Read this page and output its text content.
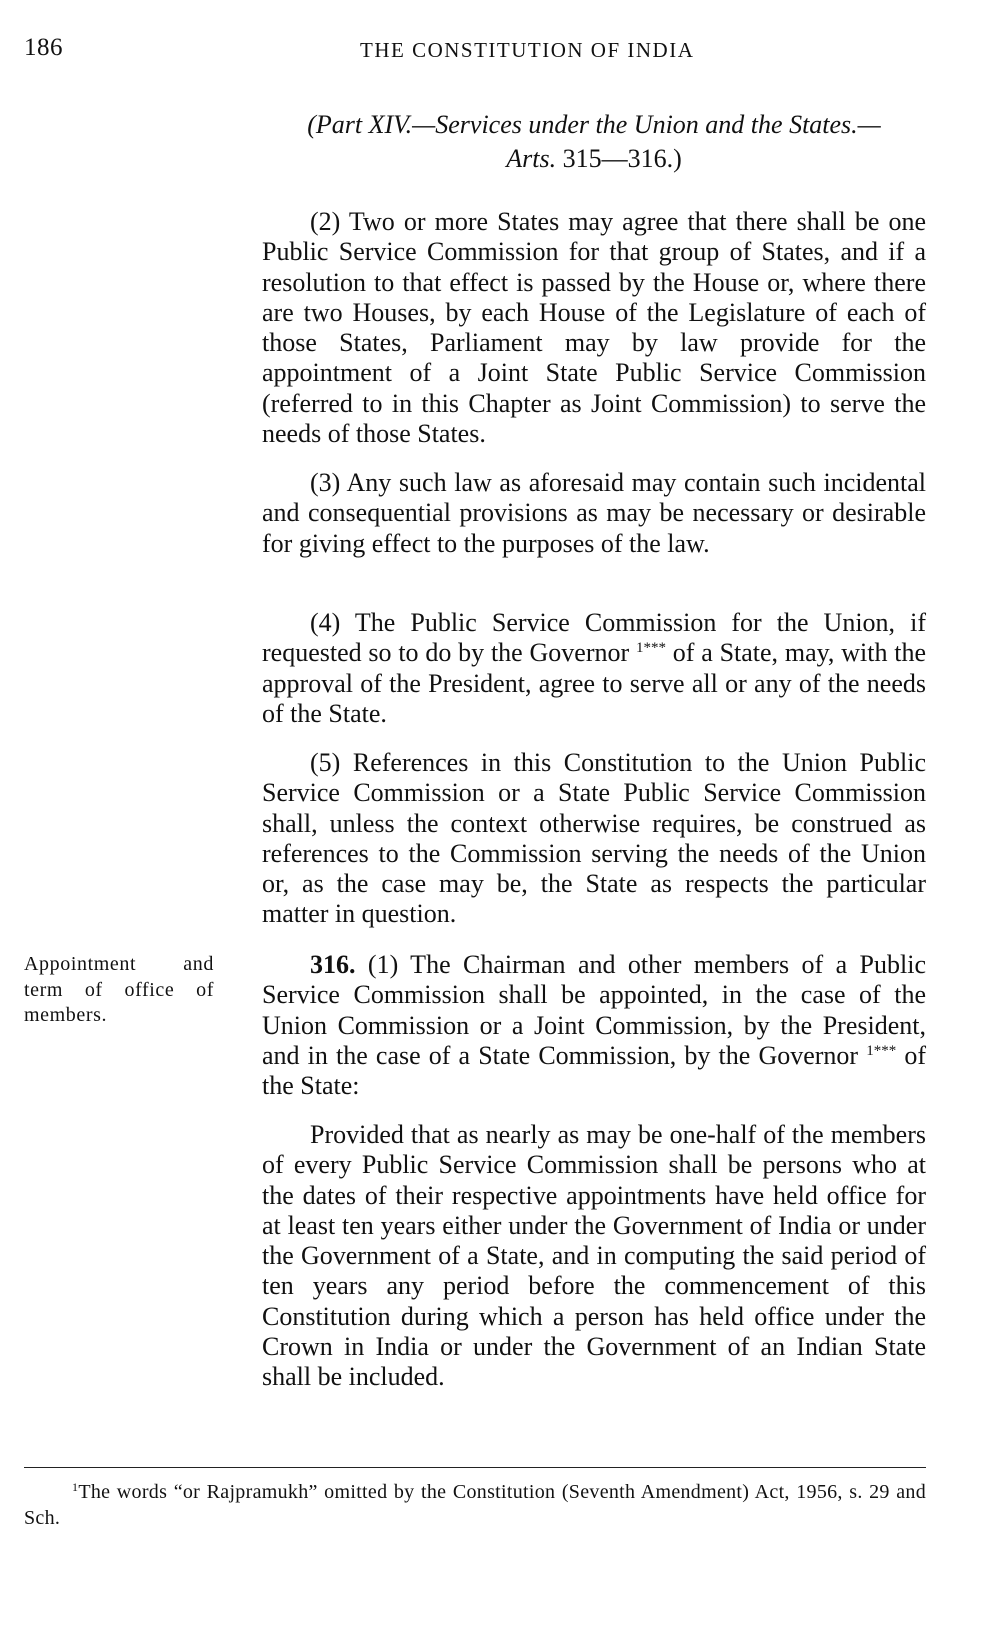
186	THE CONSTITUTION OF INDIA
(Part XIV.—Services under the Union and the States.—
Arts. 315—316.)

(2) Two or more States may agree that there shall be one Public Service Commission for that group of States, and if a resolution to that effect is passed by the House or, where there are two Houses, by each House of the Legislature of each of those States, Parliament may by law provide for the appointment of a Joint State Public Service Commission (referred to in this Chapter as Joint Commission) to serve the needs of those States.

(3) Any such law as aforesaid may contain such incidental and consequential provisions as may be necessary or desirable for giving effect to the purposes of the law.

(4) The Public Service Commission for the Union, if requested so to do by the Governor $^{1***}$ of a State, may, with the approval of the President, agree to serve all or any of the needs of the State.

(5) References in this Constitution to the Union Public Service Commission or a State Public Service Commission shall, unless the context otherwise requires, be construed as references to the Commission serving the needs of the Union or, as the case may be, the State as respects the particular matter in question.

Appointment and term of office of members.

316. (1) The Chairman and other members of a Public Service Commission shall be appointed, in the case of the Union Commission or a Joint Commission, by the President, and in the case of a State Commission, by the Governor $^{1***}$ of the State:

Provided that as nearly as may be one-half of the members of every Public Service Commission shall be persons who at the dates of their respective appointments have held office for at least ten years either under the Government of India or under the Government of a State, and in computing the said period of ten years any period before the commencement of this Constitution during which a person has held office under the Crown in India or under the Government of an Indian State shall be included.

$^1$The words “or Rajpramukh” omitted by the Constitution (Seventh Amendment) Act, 1956, s. 29 and Sch.
